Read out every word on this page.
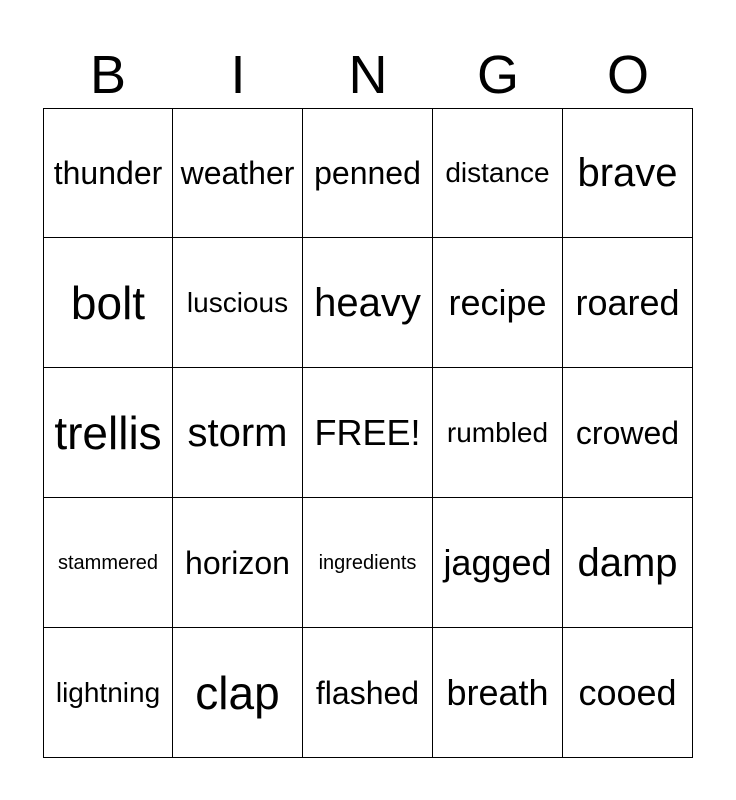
B	I	N	G	O
thunder weather penned distance brave
bolt luscious heavy recipe roared
trellis storm FREE! rumbled crowed
stammered horizon ingredients jagged damp
lightning clap flashed breath cooed
